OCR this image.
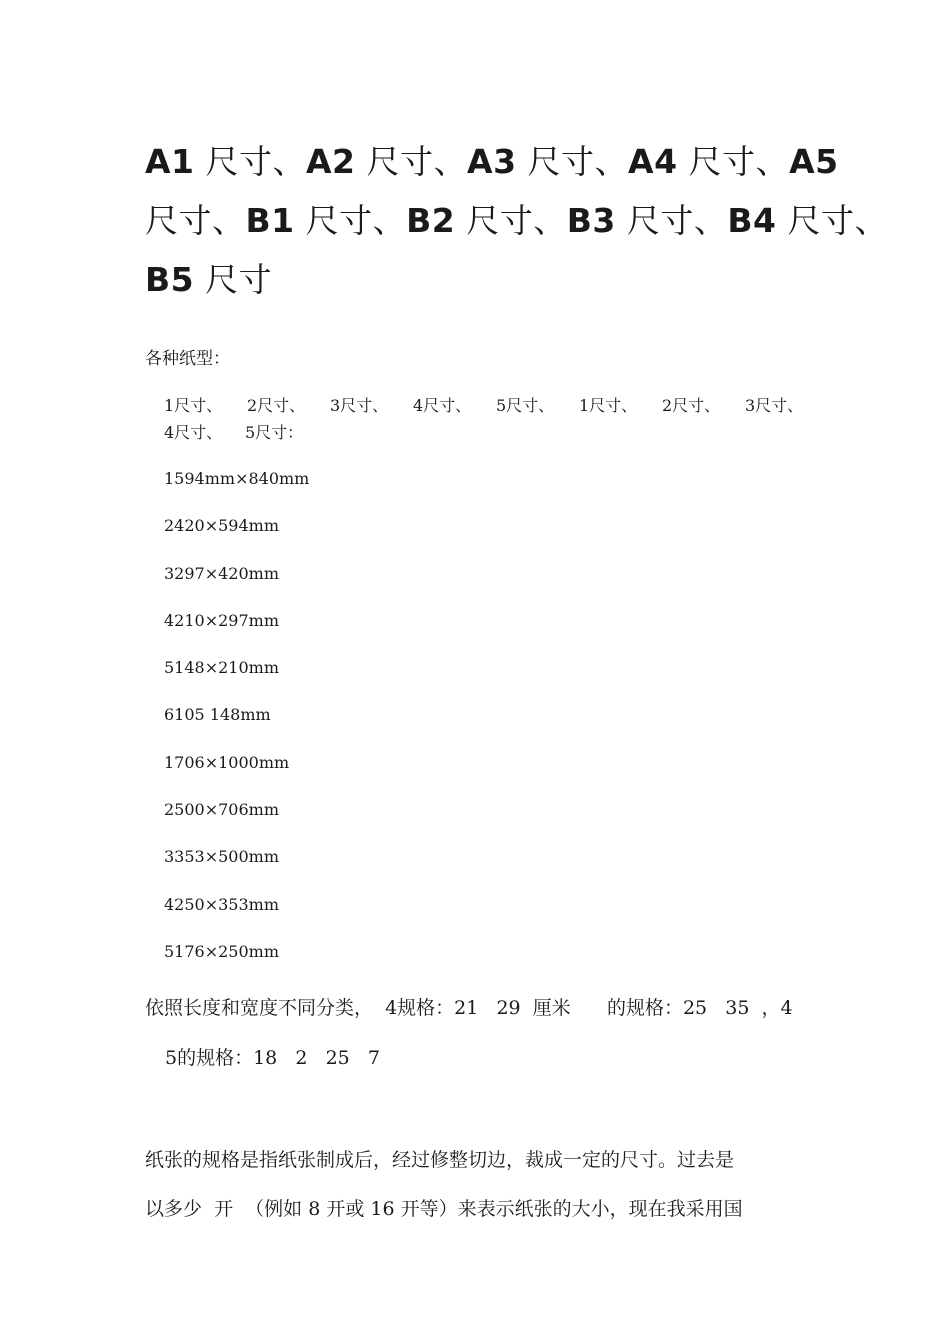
A1 尺寸、A2 尺寸、A3 尺寸、A4 尺寸、A5
尺寸、B1 尺寸、B2 尺寸、B3 尺寸、B4 尺寸、
B5 尺寸
各种纸型：
1尺寸、 2尺寸、 3尺寸、 4尺寸、 5尺寸、 1尺寸、 2尺寸、 3尺寸、
4尺寸、 5尺寸：
1594mm×840mm
2420×594mm
3297×420mm
4210×297mm
5148×210mm
6105 148mm
1706×1000mm
2500×706mm
3353×500mm
4250×353mm
5176×250mm
依照长度和宽度不同分类，  4规格：21   29  厘米      的规格：25   35  ，4
5的规格：18   2   25   7
纸张的规格是指纸张制成后，经过修整切边，裁成一定的尺寸。过去是
以多少  开  （例如 8 开或 16 开等）来表示纸张的大小，现在我采用国
